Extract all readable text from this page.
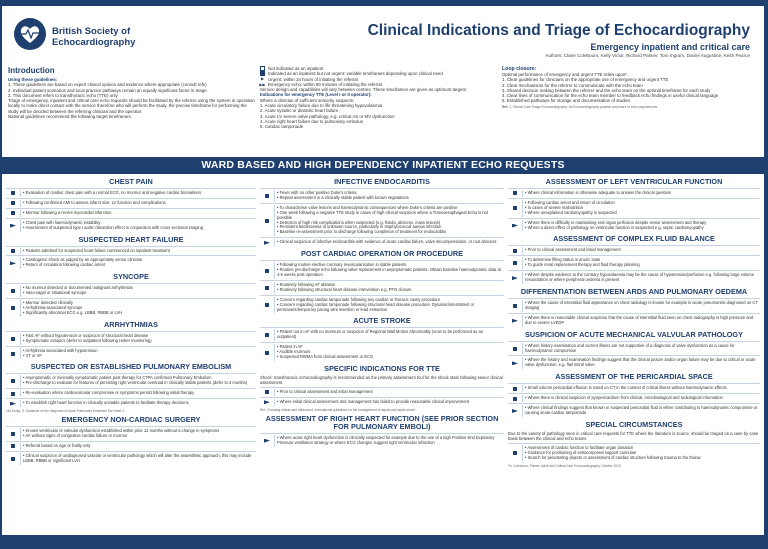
British Society of Echocardiography
Clinical Indications and Triage of Echocardiography
Emergency inpatient and critical care
Authors: Claire Colebourn, Kelly Victor, Richard Palmer, Tom Ingram, Daniel Augustine, Keith Pearce
Introduction
Using these guidelines:
1. These guidelines are based on expert clinical opinion and evidence where appropriate (consult refs)
2. Individual patient scenarios and local practice pathways remain an equally significant factor in triage
3. This document refers to transthoracic echo (TTE) only
Triage of emergency, inpatient and critical care echo requests should be facilitated by the referrer using the system in operation locally to make direct contact with the service therefore who will perform the study. the precise timeframe for performing the study will be decided between the referring clinician and the operator
National guidelines recommend the following target timeframes:
Not indicated as an inpatient
Indicated as an inpatient but not urgent: variable timeframes depending upon clinical need
▶ Urgent: within 24 hours of initiating the referral
▶▶ Emergency echo: within 60 minutes of initiating the referral
Service design and capabilities will vary between centres. These timeframes are given as optimum targets
Indications for emergency TTE (Level I or II operator):
Where a clinician of sufficient seniority suspects:
1. Acute circulatory failure due to life threatening hypovolaemia
2. Acute systolic or diastolic heart failure
3. Acute LV severe valve pathology, e.g. critical AS or MV dysfunction
4. Acute right heart failure due to pulmonary embolus
5. Cardiac tamponade
Loop closure:
Optimal performance of emergency and urgent TTE relies upon¹:
1. Clear guidelines for clinicians on the appropriate use of emergency and urgent TTE
2. Clear mechanisms for the referrer to communicate with the echo team
3. Shared decision making between the referrer and the echo team on the optimal timeframe for each study
4. Clear lines of communication for the echo team member to feedback echo findings in useful clinical language
5. Established pathways for storage and documentation of studies
Ref: 1. Clinical Care Triage Echocardiography: An Echocardiography practice and future of echo requirements
WARD BASED AND HIGH DEPENDENCY INPATIENT ECHO REQUESTS
CHEST PAIN

• Evaluation of cardiac chest pain with a normal ECG, no murmur and negative cardiac biomarkers

• Following confirmed AMI to assess infarct size, LV function and complications

• Murmur following a recent myocardial infarction

• Chest pain with haemodynamic instability

• Assessment of suspected type I aortic dissection effect in conjunction with cross sectional imaging

SUSPECTED HEART FAILURE

• Patients admitted for suspected heart failure commenced on inpatient treatment

• Cardiogenic shock as judged by an appropriately senior clinician

• Return of circulation following cardiac arrest

SYNCOPE

• No murmur detected or documented malignant arrhythmias

• Vaso-vagal or situational syncope

• Murmur detected clinically

• Arrhythmia-associated syncope

• Significantly abnormal ECG e.g. LBBB, RBBB or LVH

ARRHYTHMIAS

• Fast AF without hypotension or suspicion of structural heart disease

• Symptomatic ectopics (defer to outpatient following Holter monitoring)

• Arrhythmia associated with hypotension

• VT or VF

SUSPECTED OR ESTABLISHED PULMONARY EMBOLISM

• Asymptomatic or minimally symptomatic patient post therapy for CTPA confirmed Pulmonary Embolism

• Pre-discharge to evaluate for features of persisting right ventricular overload in clinically stable patients (defer to 3 months)

• Re-evaluation where cardiovascular compromise or symptoms persist following initial therapy

• To establish right heart function in clinically unstable patients to facilitate therapy decisions

*As Konig, S. Guidance on the diagnosis of Acute Pulmonary Embolism Eur Heart J.
EMERGENCY NON-CARDIAC SURGERY

• Known ventricular or valvular dysfunction established within prior 12 months without a change in symptoms

• AF without signs of congestive cardiac failure or murmur

• Referral based on age or frailty only

• Clinical suspicion of undiagnosed valvular or ventricular pathology which will alter the anaesthetic approach, this may include LBBB, RBBB or significant LVH

INFECTIVE ENDOCARDITIS

• Fever with no other positive Duke's criteria

• Repeat assessment in a clinically stable patient with known vegetations

• To characterise valve lesions and haemodynamic consequences where Duke's criteria are positive

• One week following a negative TTE study in cases of high clinical suspicion where a Transoesophageal Echo is not possible

• Detection of high risk complications when suspected (e.g. fistula, abscess, mass lesions)

• Persistent bacteraemia of unknown source, particularly in staphylococcal aureus infection

• Baseline re-assessment prior to discharge following completion of treatment for endocarditis

• Clinical suspicion of infective endocarditis with evidence of acute cardiac failure, valve decompensation, or root abscess

POST CARDIAC OPERATION OR PROCEDURE

• Following routine elective coronary revascularisation in stable patients

• Routine pre-discharge echo following valve replacement in asymptomatic patients. Obtain baseline haemodynamic data at 4-6 weeks post operation

• Routinely following AF ablation

• Routinely following structural heart disease intervention e.g. PFO closure

• Concern regarding cardiac tamponade following any cardiac or thoracic cavity procedure

• Concern regarding cardiac tamponade following structural heart disease procedure. Dynamic/intermittent or permanent/temporary pacing wire insertion or lead extraction

ACUTE STROKE

• Patient not in AF with no murmurs or suspicion of Regional Wall Motion Abnormality (scan to be performed as an outpatient)

• Patient in AF

• Audible murmurs

• Suspected RWMA from clinical assessment or ECG

SPECIFIC INDICATIONS FOR TTE
Shock: transthoracic echocardiography is recommended as the primary assessment tool for the shock state following senior clinical assessment

• Prior to clinical assessment and initial management

• Where initial clinical assessment and management has failed to provide reasonable clinical improvement

Ref: Choosing critical care ultrasound: international guidelines for the management of sepsis and septic shock
ASSESSMENT OF RIGHT HEART FUNCTION (SEE PRIOR SECTION FOR PULMONARY EMBOLI)

• Where acute right heart dysfunction is clinically suspected for example due to the use of a high Positive End Expiratory Pressure ventilation strategy or where ECG changes suggest right ventricular infarction

ASSESSMENT OF LEFT VENTRICULAR FUNCTION

• Where clinical information is otherwise adequate to answer the clinical question

• Following cardiac arrest and return of circulation

• In cases of severe malnutrition

• Where unexplained cardiomyopathy is suspected

• Where there is difficulty in maintaining end organ perfusion despite senior assessment and therapy

• Where a direct effect of pathology on ventricular function is suspected e.g. septic cardiomyopathy

ASSESSMENT OF COMPLEX FLUID BALANCE

• Prior to clinical assessment and initial management

• To determine filling status in anuric state

• To guide renal replacement therapy and fluid therapy planning

• Where despite evidence to the contrary hypovolaemia may be the cause of hypotension/perfusion e.g. following large volume resuscitation or where peripheral oedema is present

DIFFERENTIATION BETWEEN ARDS AND PULMONARY OEDEMA

• Where the cause of interstitial fluid appearance on chest radiology is known for example in acute pneumonitis diagnosed on CT imaging

• Where there is reasonable clinical suspicion that the cause of interstitial fluid seen on chest radiography is high pressure and due to severe LVEDP

SUSPICION OF ACUTE MECHANICAL VALVULAR PATHOLOGY

• Where history examination and current illness are not supportive of a diagnosis of valve dysfunction as a cause for haemodynamic compromise

• Where the history and examination findings suggest that the clinical picture and/or organ failure may be due to critical or acute valve dysfunction, e.g. flail mitral valve

ASSESSMENT OF THE PERICARDIAL SPACE

• Small volume pericardial effusion is noted on CT in the context of critical illness without haemodynamic effects

• Where there is clinical suspicion of pyopericardium from clinical, microbiological and radiological information

• Where clinical findings suggest that known or suspected pericardial fluid is either contributing to haemodynamic compromise or causing acute cardiac tamponade

SPECIAL CIRCUMSTANCES
Due to the variety of pathology seen in critical care requests for TTE where the literature is scarce, should be triaged on a case by case basis between the clinical and echo teams

• Assessment of cardiac function to facilitate organ donation

• Guidance for positioning of extracorporeal support cannulae

• Search for penetrating objects or assessment of cardiac structure following trauma to the thorax

To: Colebourn, Palmer: Adult and Critical Care Echocardiography. October 2019
